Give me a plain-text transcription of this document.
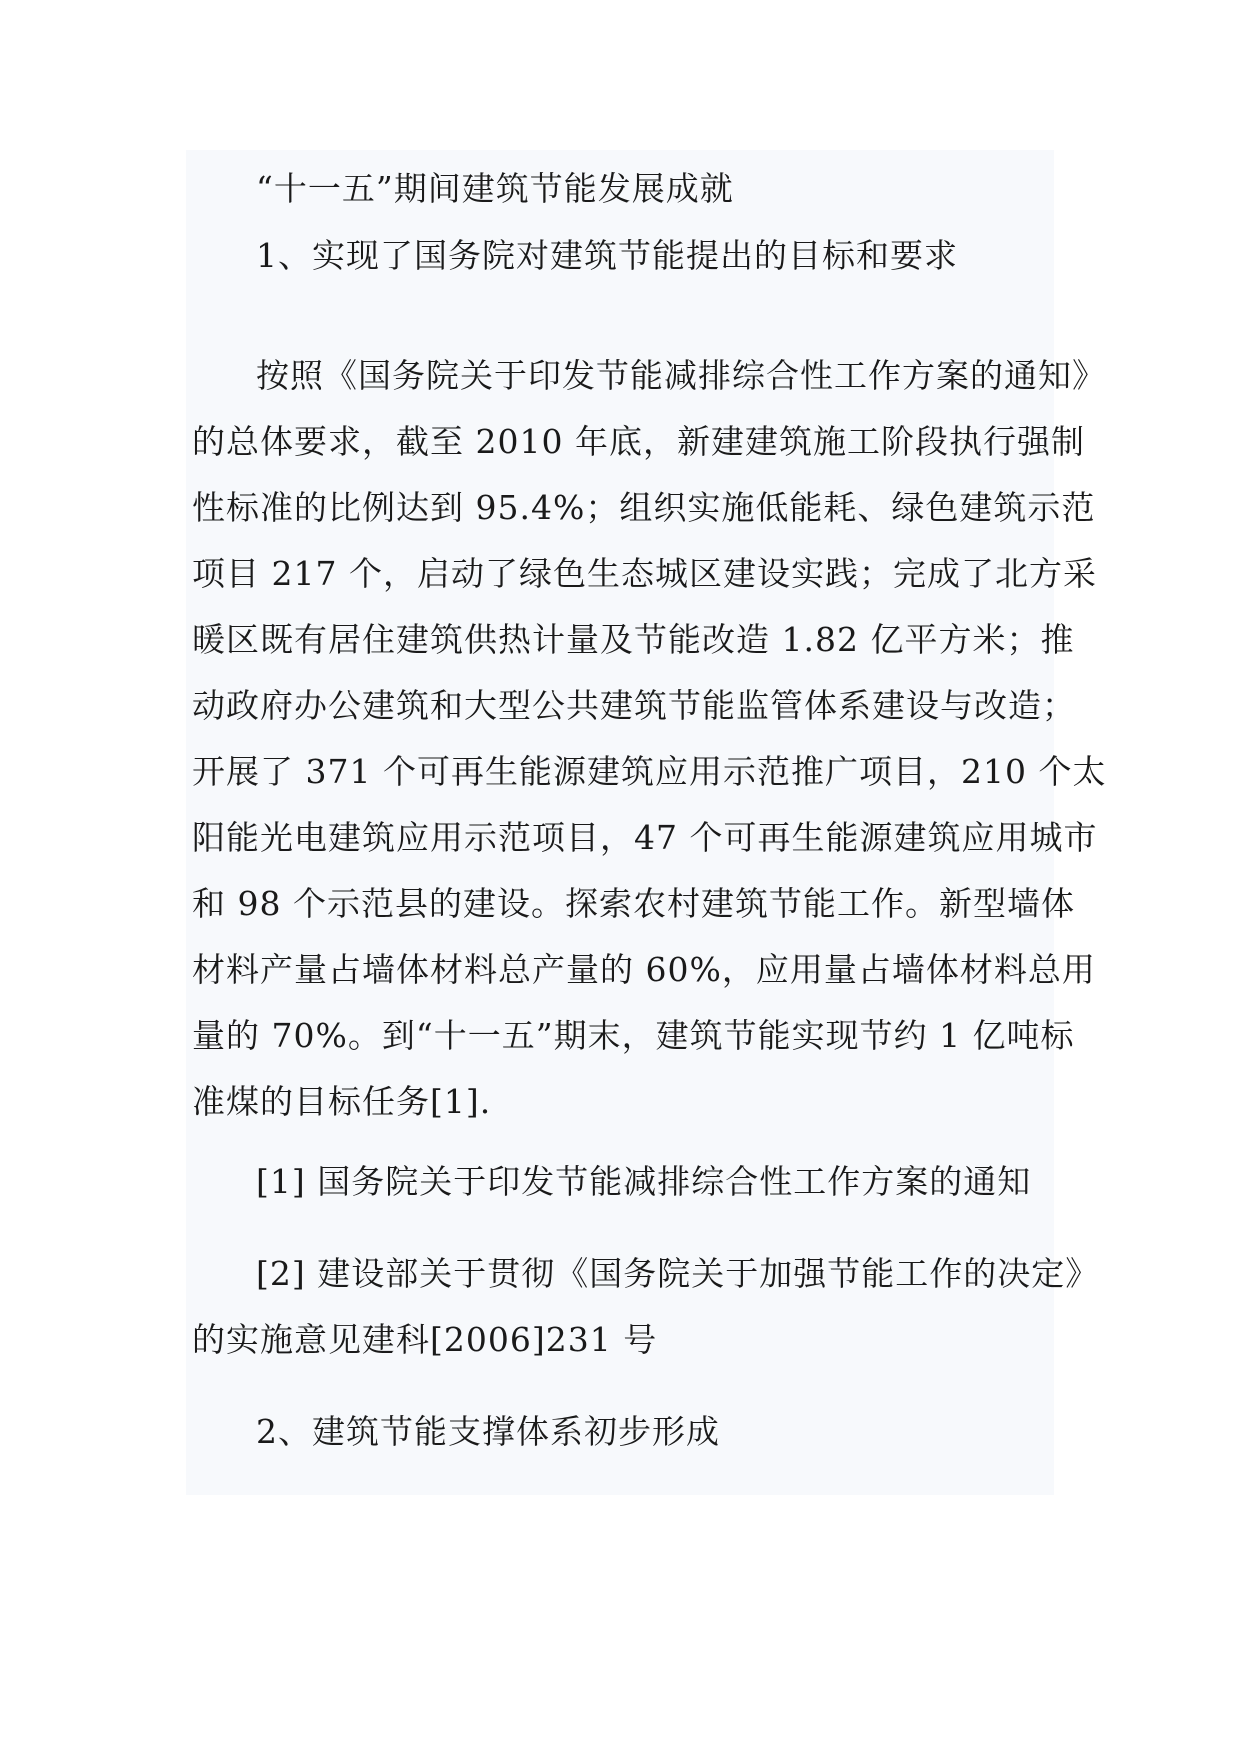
“十一五”期间建筑节能发展成就
1、实现了国务院对建筑节能提出的目标和要求
按照《国务院关于印发节能减排综合性工作方案的通知》
的总体要求，截至 2010 年底，新建建筑施工阶段执行强制
性标准的比例达到 95.4%；组织实施低能耗、绿色建筑示范
项目 217 个，启动了绿色生态城区建设实践；完成了北方采
暖区既有居住建筑供热计量及节能改造 1.82 亿平方米；推
动政府办公建筑和大型公共建筑节能监管体系建设与改造；
开展了 371 个可再生能源建筑应用示范推广项目，210 个太
阳能光电建筑应用示范项目，47 个可再生能源建筑应用城市
和 98 个示范县的建设。探索农村建筑节能工作。新型墙体
材料产量占墙体材料总产量的 60%，应用量占墙体材料总用
量的 70%。到“十一五”期末，建筑节能实现节约 1 亿吨标
准煤的目标任务[1].
[1] 国务院关于印发节能减排综合性工作方案的通知
[2] 建设部关于贯彻《国务院关于加强节能工作的决定》
的实施意见建科[2006]231 号
2、建筑节能支撑体系初步形成
